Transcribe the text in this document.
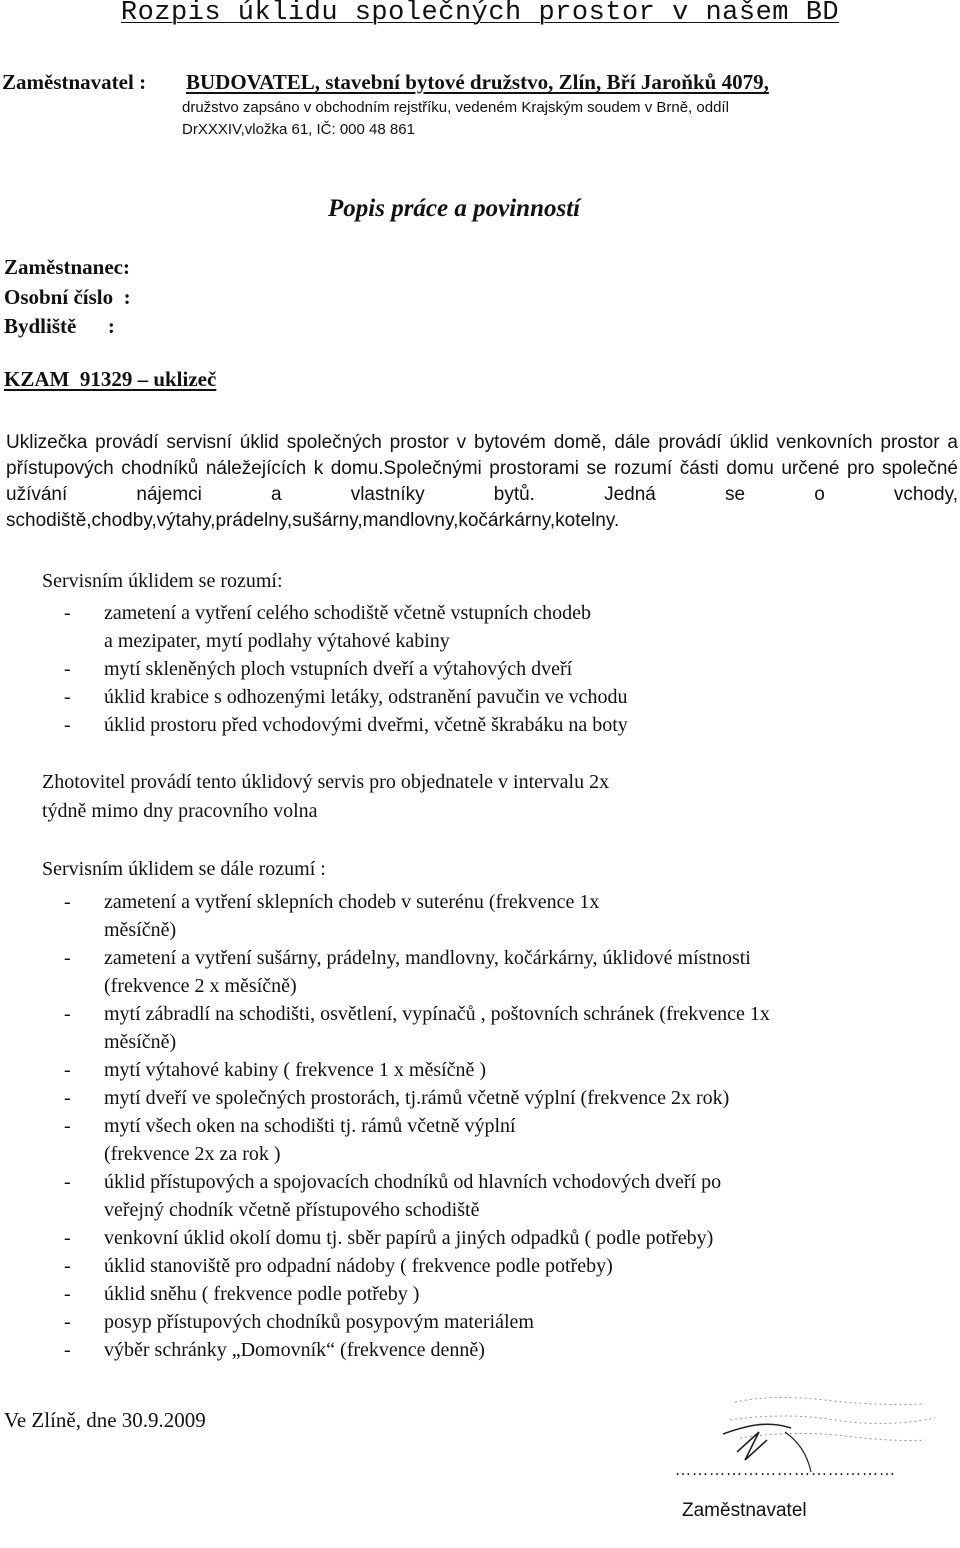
Rozpis úklidu společných prostor v našem BD
Zaměstnavatel : BUDOVATEL, stavební bytové družstvo, Zlín, Bří Jaroňků 4079,
družstvo zapsáno v obchodním rejstříku, vedeném Krajským soudem v Brně, oddíl
DrXXXIV,vložka 61, IČ: 000 48 861
Popis práce a povinností
Zaměstnanec:
Osobní číslo  :
Bydliště      :
KZAM  91329 – uklizeč
Uklizečka provádí servisní úklid společných prostor v bytovém domě, dále provádí úklid venkovních prostor a přístupových chodníků náležejících k domu.Společnými prostorami se rozumí části domu určené pro společné užívání nájemci a vlastníky bytů. Jedná se o vchody, schodiště,chodby,výtahy,prádelny,sušárny,mandlovny,kočárkárny,kotelny.
Servisním úklidem se rozumí:
- zametení a vytření celého schodiště včetně vstupních chodeb
a mezipater, mytí podlahy výtahové kabiny
- mytí skleněných ploch vstupních dveří a výtahových dveří
- úklid krabice s odhozenými letáky, odstranění pavučin ve vchodu
- úklid prostoru před vchodovými dveřmi, včetně škrabáku na boty
Zhotovitel provádí tento úklidový servis pro objednatele v intervalu 2x
týdně mimo dny pracovního volna
Servisním úklidem se dále rozumí :
- zametení a vytření sklepních chodeb v suterénu (frekvence 1x
měsíčně)
- zametení a vytření sušárny, prádelny, mandlovny, kočárkárny, úklidové místnosti
(frekvence 2 x měsíčně)
- mytí zábradlí na schodišti, osvětlení, vypínačů , poštovních schránek (frekvence 1x
měsíčně)
- mytí výtahové kabiny ( frekvence 1 x měsíčně )
- mytí dveří ve společných prostorách, tj.rámů včetně výplní (frekvence 2x rok)
- mytí všech oken na schodišti tj. rámů včetně výplní
(frekvence 2x za rok )
- úklid přístupových a spojovacích chodníků od hlavních vchodových dveří po
veřejný chodník včetně přístupového schodiště
- venkovní úklid okolí domu tj. sběr papírů a jiných odpadků ( podle potřeby)
- úklid stanoviště pro odpadní nádoby ( frekvence podle potřeby)
- úklid sněhu ( frekvence podle potřeby )
- posyp přístupových chodníků posypovým materiálem
- výběr schránky „Domovník“ (frekvence denně)
Ve Zlíně, dne 30.9.2009
…………………………………
Zaměstnavatel
